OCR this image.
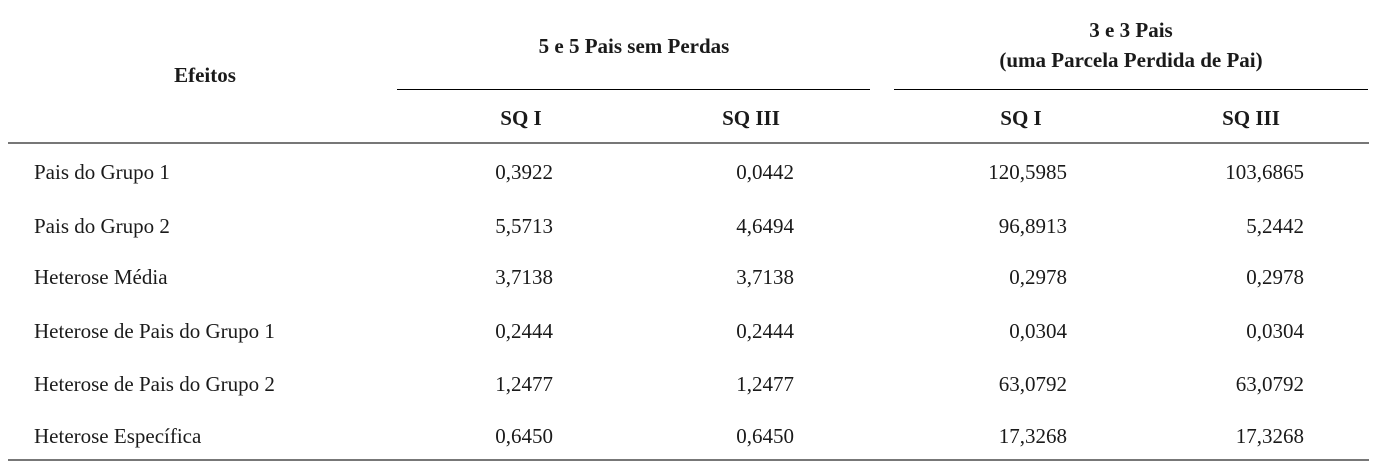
Efeitos
5 e 5 Pais sem Perdas
3 e 3 Pais
(uma Parcela Perdida de Pai)
SQ I	SQ III	SQ I	SQ III
Pais do Grupo 1	0,3922	0,0442	120,5985	103,6865
Pais do Grupo 2	5,5713	4,6494	96,8913	5,2442
Heterose Média	3,7138	3,7138	0,2978	0,2978
Heterose de Pais do Grupo 1	0,2444	0,2444	0,0304	0,0304
Heterose de Pais do Grupo 2	1,2477	1,2477	63,0792	63,0792
Heterose Específica	0,6450	0,6450	17,3268	17,3268
